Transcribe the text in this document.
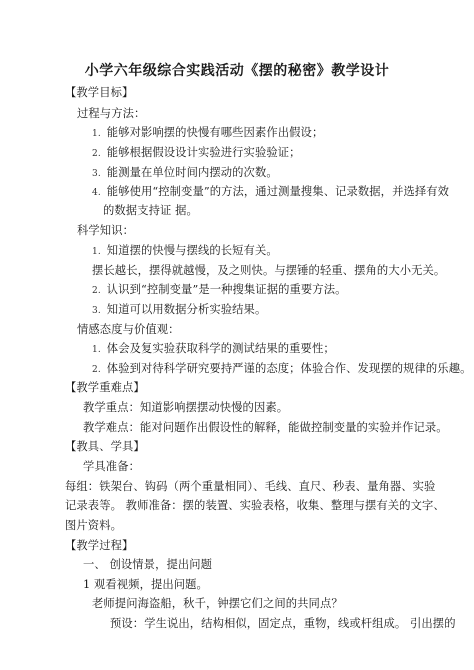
小学六年级综合实践活动《摆的秘密》教学设计
【教学目标】
过程与方法：
1. 能够对影响摆的快慢有哪些因素作出假设；
2. 能够根据假设设计实验进行实验验证；
3. 能测量在单位时间内摆动的次数。
4. 能够使用“控制变量”的方法，通过测量搜集、记录数据，并选择有效
的数据支持证 据。
科学知识：
1. 知道摆的快慢与摆线的长短有关。
摆长越长，摆得就越慢，及之则快。与摆锤的轻重、摆角的大小无关。
2. 认识到“控制变量”是一种搜集证据的重要方法。
3. 知道可以用数据分析实验结果。
情感态度与价值观：
1. 体会及复实验获取科学的测试结果的重要性；
2. 体验到对待科学研究要持严谨的态度；体验合作、发现摆的规律的乐趣。
【教学重难点】
教学重点：知道影响摆摆动快慢的因素。
教学难点：能对问题作出假设性的解释，能做控制变量的实验并作记录。
【教具、学具】
学具准备：
每组：铁架台、钩码（两个重量相同）、毛线、直尺、秒表、量角器、实验
记录表等。 教师准备：摆的装置、实验表格，收集、整理与摆有关的文字、
图片资料。
【教学过程】
一、 创设情景，提出问题
1 观看视频，提出问题。
老师提问海盗船，秋千，钟摆它们之间的共同点？
预设：学生说出，结构相似，固定点，重物，线或杆组成。 引出摆的
